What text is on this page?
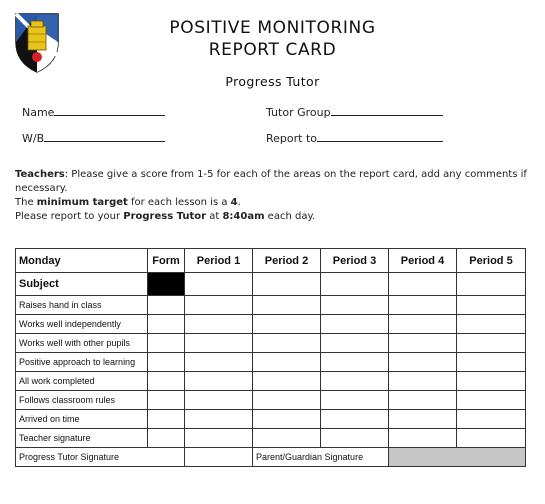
POSITIVE MONITORING
REPORT CARD
Progress Tutor
Name	Tutor Group
W/B	Report to
Teachers: Please give a score from 1-5 for each of the areas on the report card, add any comments if necessary.
The minimum target for each lesson is a 4.
Please report to your Progress Tutor at 8:40am each day.
Monday	Form	Period 1	Period 2	Period 3	Period 4	Period 5
Subject						
Raises hand in class						
Works well independently						
Works well with other pupils						
Positive approach to learning						
All work completed						
Follows classroom rules						
Arrived on time						
Teacher signature						
Progress Tutor Signature			Parent/Guardian Signature			
